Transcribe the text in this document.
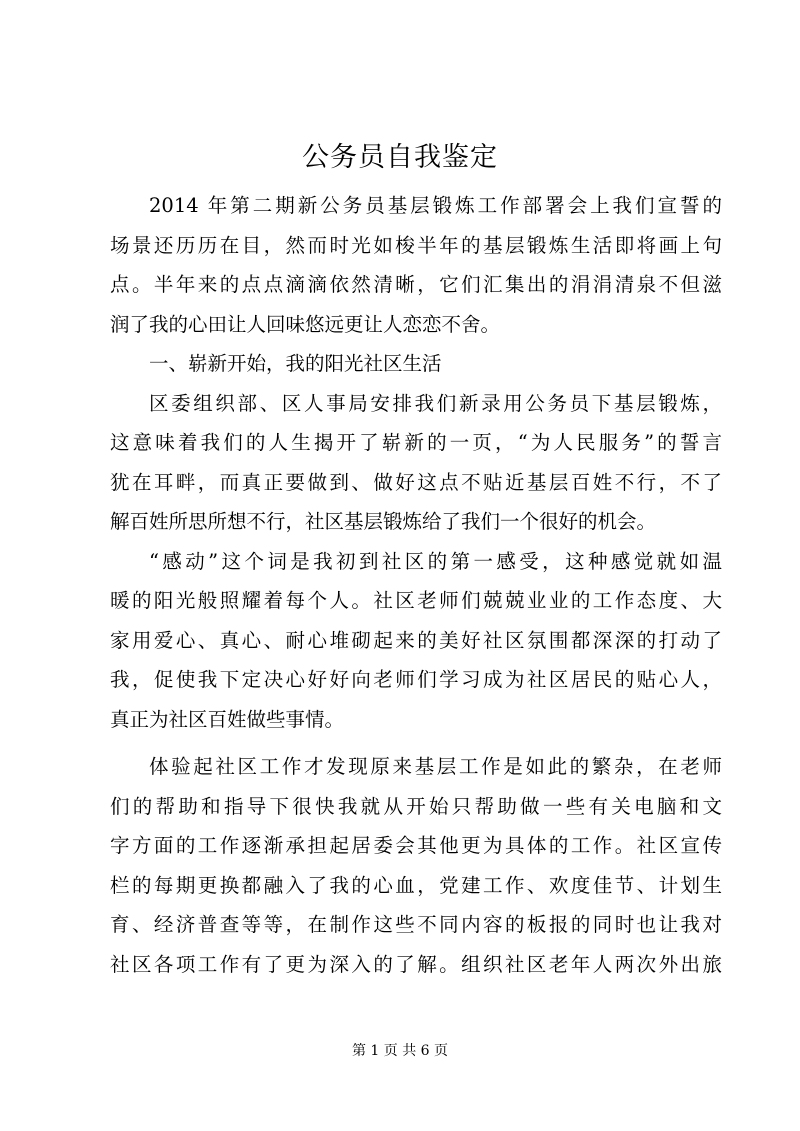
公务员自我鉴定
2014 年第二期新公务员基层锻炼工作部署会上我们宣誓的
场景还历历在目，然而时光如梭半年的基层锻炼生活即将画上句
点。半年来的点点滴滴依然清晰，它们汇集出的涓涓清泉不但滋
润了我的心田让人回味悠远更让人恋恋不舍。
一、崭新开始，我的阳光社区生活
区委组织部、区人事局安排我们新录用公务员下基层锻炼，
这意味着我们的人生揭开了崭新的一页，“为人民服务”的誓言
犹在耳畔，而真正要做到、做好这点不贴近基层百姓不行，不了
解百姓所思所想不行，社区基层锻炼给了我们一个很好的机会。
“感动”这个词是我初到社区的第一感受，这种感觉就如温
暖的阳光般照耀着每个人。社区老师们兢兢业业的工作态度、大
家用爱心、真心、耐心堆砌起来的美好社区氛围都深深的打动了
我，促使我下定决心好好向老师们学习成为社区居民的贴心人，
真正为社区百姓做些事情。
体验起社区工作才发现原来基层工作是如此的繁杂，在老师
们的帮助和指导下很快我就从开始只帮助做一些有关电脑和文
字方面的工作逐渐承担起居委会其他更为具体的工作。社区宣传
栏的每期更换都融入了我的心血，党建工作、欢度佳节、计划生
育、经济普查等等，在制作这些不同内容的板报的同时也让我对
社区各项工作有了更为深入的了解。组织社区老年人两次外出旅
第 1 页 共 6 页
